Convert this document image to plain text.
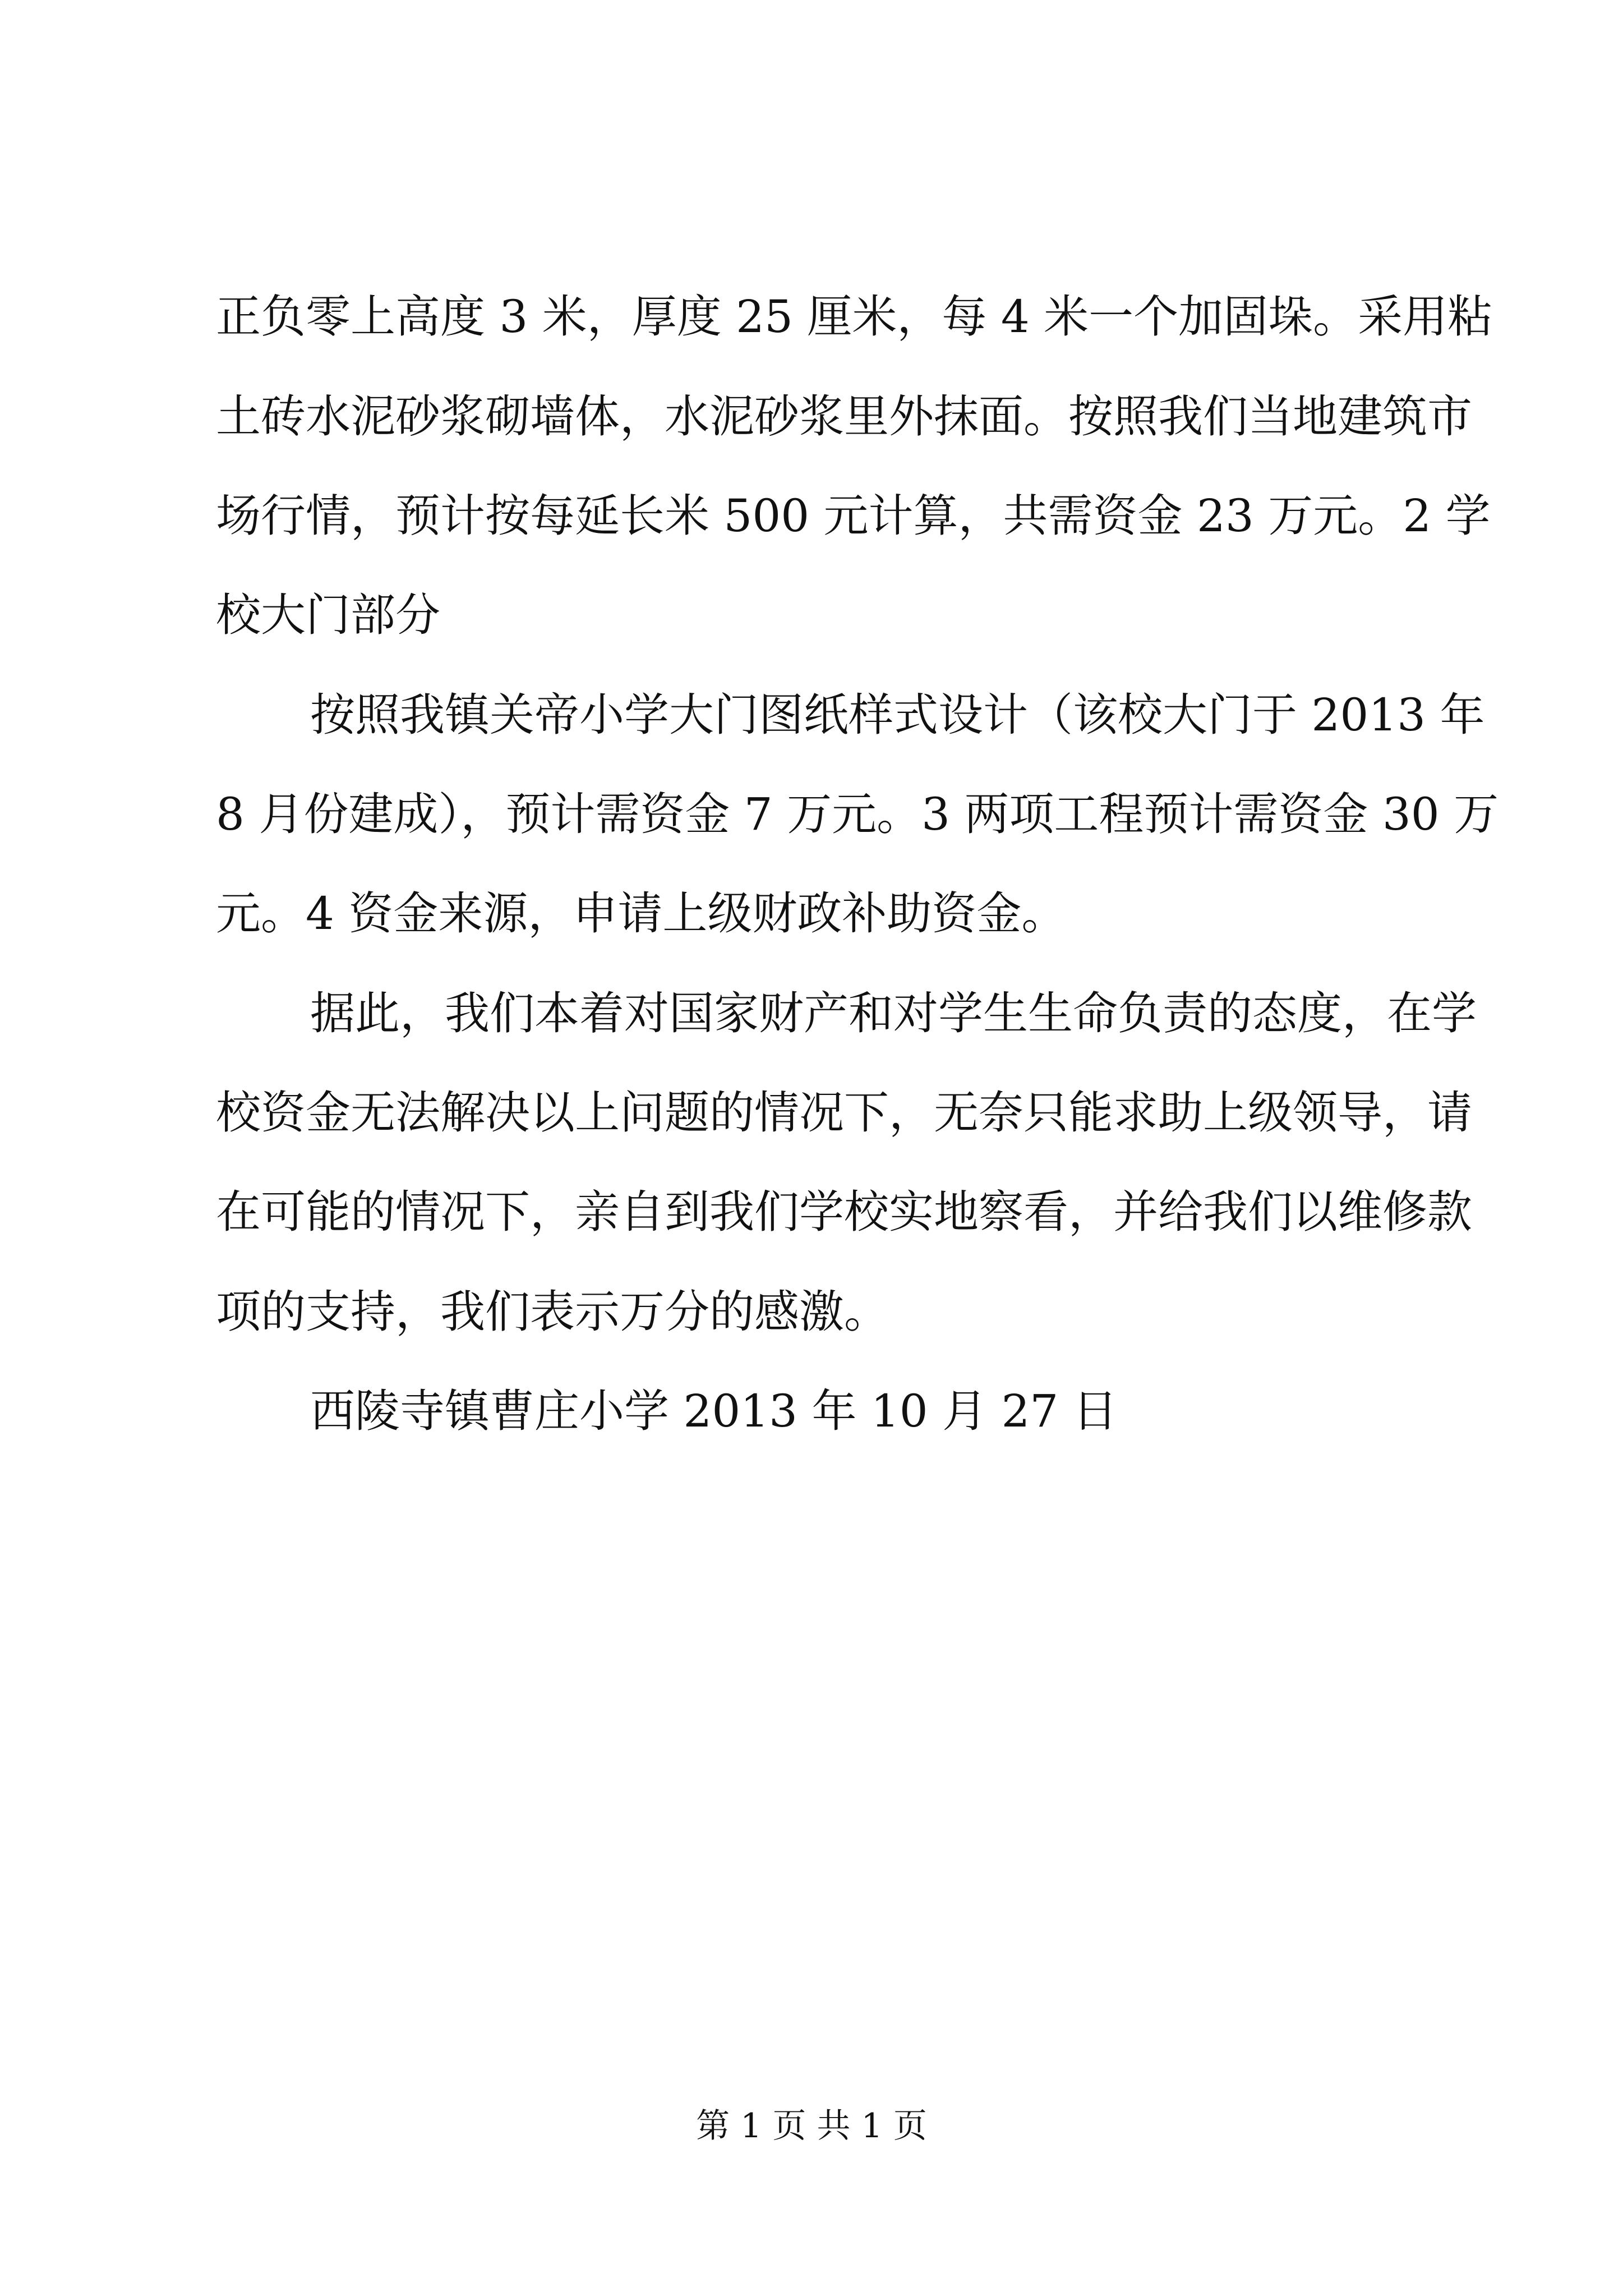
正负零上高度 3 米，厚度 25 厘米，每 4 米一个加固垛。采用粘
土砖水泥砂浆砌墙体，水泥砂浆里外抹面。按照我们当地建筑市
场行情，预计按每延长米 500 元计算，共需资金 23 万元。2 学
校大门部分
按照我镇关帝小学大门图纸样式设计（该校大门于 2013 年
8 月份建成），预计需资金 7 万元。3 两项工程预计需资金 30 万
元。4 资金来源，申请上级财政补助资金。
据此，我们本着对国家财产和对学生生命负责的态度，在学
校资金无法解决以上问题的情况下，无奈只能求助上级领导，请
在可能的情况下，亲自到我们学校实地察看，并给我们以维修款
项的支持，我们表示万分的感激。
西陵寺镇曹庄小学 2013 年 10 月 27 日
第 1 页 共 1 页
